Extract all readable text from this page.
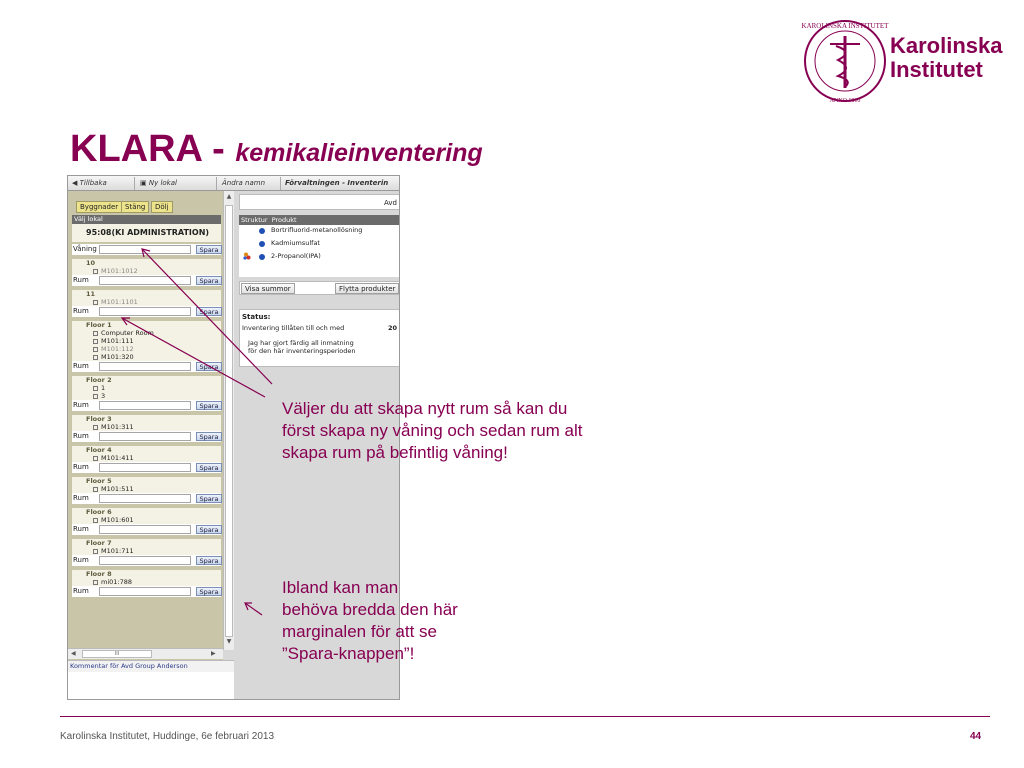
KAROLINSKA INSTITUTET
ANNO 1810
Karolinska
Institutet
KLARA - kemikalieinventering
◀ Tillbaka	▣ Ny lokal	Ändra namn	Förvaltningen - Inventerin
Byggnader Stäng	Dölj
Välj lokal
95:08(KI ADMINISTRATION)
Våning	Spara
10
M101:1012
Rum	Spara
11
M101:1101
Rum	Spara
Floor 1
Computer Room
M101:111
M101:112
M101:320
Rum	Spara
Floor 2
1
3
Rum	Spara
Floor 3
M101:311
Rum	Spara
Floor 4
M101:411
Rum	Spara
Floor 5
M101:511
Rum	Spara
Floor 6
M101:601
Rum	Spara
Floor 7
M101:711
Rum	Spara
Floor 8
mi01:788
Rum	Spara
▲
▼
◀	III	▶
Kommentar för Avd Group Anderson
Avd
Struktur Produkt
Bortrifluorid-metanollösning
Kadmiumsulfat
2-Propanol(IPA)
Visa summor	Flytta produkter
Status:
Inventering tillåten till och med	20
Jag har gjort färdig all inmatning
för den här inventeringsperioden
Väljer du att skapa nytt rum så kan du först skapa ny våning och sedan rum alt skapa rum på befintlig våning!
Ibland kan man behöva bredda den här marginalen för att se ”Spara-knappen”!
Karolinska Institutet, Huddinge, 6e februari 2013	44
